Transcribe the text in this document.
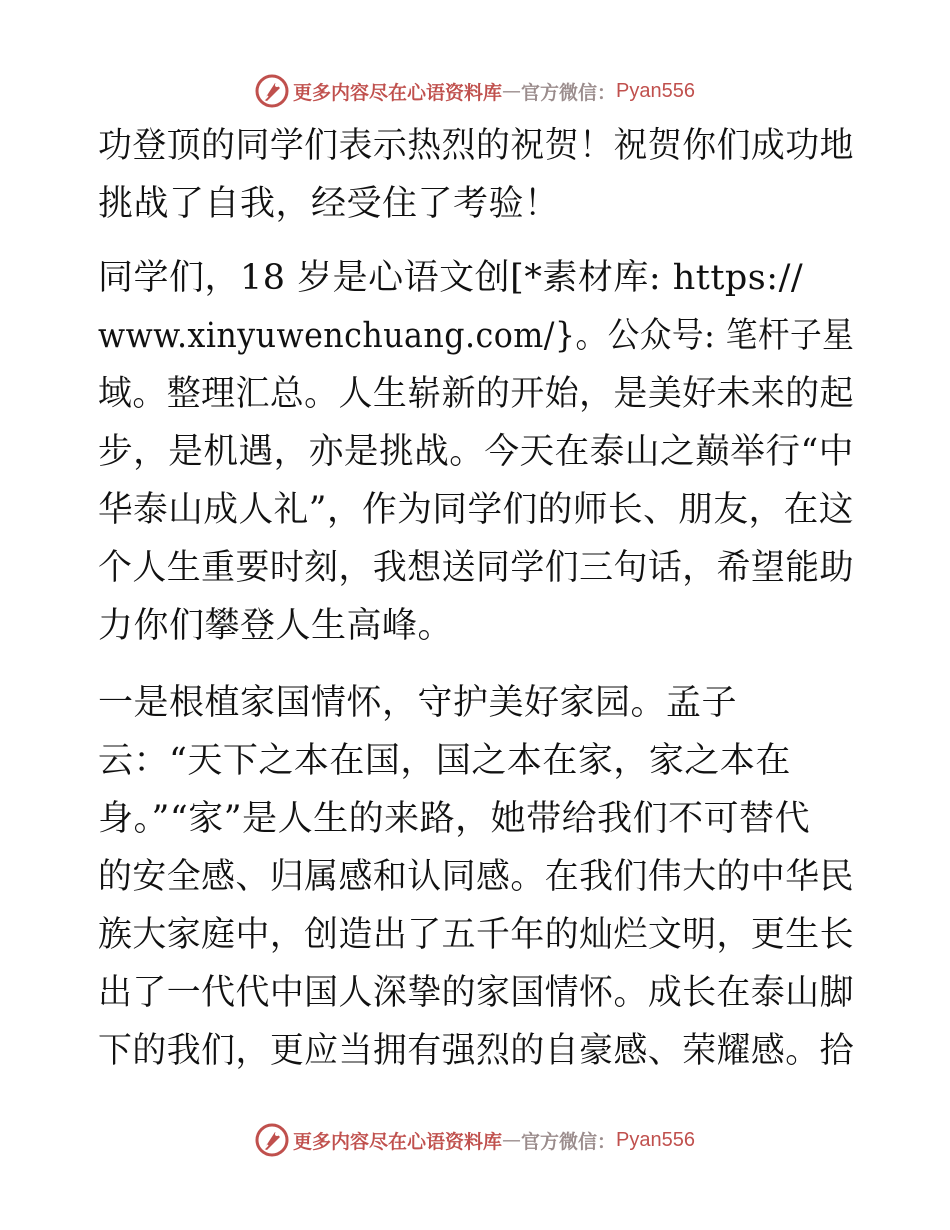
更多内容尽在心语资料库 — 官方微信： Pyan556
功登顶的同学们表示热烈的祝贺！祝贺你们成功地
挑战了自我，经受住了考验！
同学们，18 岁是心语文创[*素材库: https://
www.xinyuwenchuang.com/}。公众号: 笔杆子星
域。整理汇总。人生崭新的开始，是美好未来的起
步，是机遇，亦是挑战。今天在泰山之巅举行“中
华泰山成人礼”，作为同学们的师长、朋友，在这
个人生重要时刻，我想送同学们三句话，希望能助
力你们攀登人生高峰。
一是根植家国情怀，守护美好家园。孟子
云：“天下之本在国，国之本在家，家之本在
身。”“家”是人生的来路，她带给我们不可替代
的安全感、归属感和认同感。在我们伟大的中华民
族大家庭中，创造出了五千年的灿烂文明，更生长
出了一代代中国人深挚的家国情怀。成长在泰山脚
下的我们，更应当拥有强烈的自豪感、荣耀感。拾
更多内容尽在心语资料库 — 官方微信： Pyan556
